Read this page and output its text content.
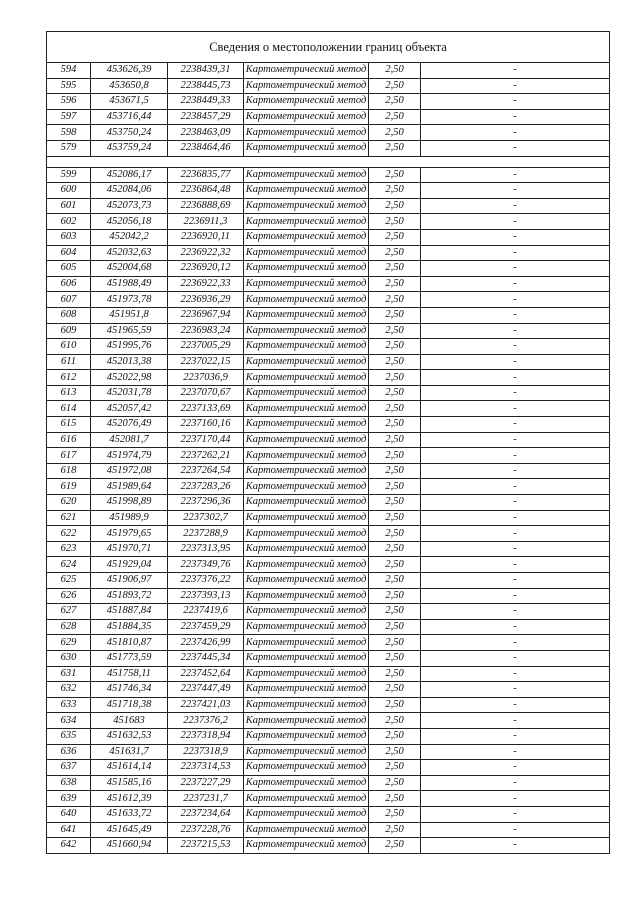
Сведения о местоположении границ объекта					
594	453626,39	2238439,31	Картометрический метод	2,50	-
595	453650,8	2238445,73	Картометрический метод	2,50	-
596	453671,5	2238449,33	Картометрический метод	2,50	-
597	453716,44	2238457,29	Картометрический метод	2,50	-
598	453750,24	2238463,09	Картометрический метод	2,50	-
579	453759,24	2238464,46	Картометрический метод	2,50	-

599	452086,17	2236835,77	Картометрический метод	2,50	-
600	452084,06	2236864,48	Картометрический метод	2,50	-
601	452073,73	2236888,69	Картометрический метод	2,50	-
602	452056,18	2236911,3	Картометрический метод	2,50	-
603	452042,2	2236920,11	Картометрический метод	2,50	-
604	452032,63	2236922,32	Картометрический метод	2,50	-
605	452004,68	2236920,12	Картометрический метод	2,50	-
606	451988,49	2236922,33	Картометрический метод	2,50	-
607	451973,78	2236936,29	Картометрический метод	2,50	-
608	451951,8	2236967,94	Картометрический метод	2,50	-
609	451965,59	2236983,24	Картометрический метод	2,50	-
610	451995,76	2237005,29	Картометрический метод	2,50	-
611	452013,38	2237022,15	Картометрический метод	2,50	-
612	452022,98	2237036,9	Картометрический метод	2,50	-
613	452031,78	2237070,67	Картометрический метод	2,50	-
614	452057,42	2237133,69	Картометрический метод	2,50	-
615	452076,49	2237160,16	Картометрический метод	2,50	-
616	452081,7	2237170,44	Картометрический метод	2,50	-
617	451974,79	2237262,21	Картометрический метод	2,50	-
618	451972,08	2237264,54	Картометрический метод	2,50	-
619	451989,64	2237283,26	Картометрический метод	2,50	-
620	451998,89	2237296,36	Картометрический метод	2,50	-
621	451989,9	2237302,7	Картометрический метод	2,50	-
622	451979,65	2237288,9	Картометрический метод	2,50	-
623	451970,71	2237313,95	Картометрический метод	2,50	-
624	451929,04	2237349,76	Картометрический метод	2,50	-
625	451906,97	2237376,22	Картометрический метод	2,50	-
626	451893,72	2237393,13	Картометрический метод	2,50	-
627	451887,84	2237419,6	Картометрический метод	2,50	-
628	451884,35	2237459,29	Картометрический метод	2,50	-
629	451810,87	2237426,99	Картометрический метод	2,50	-
630	451773,59	2237445,34	Картометрический метод	2,50	-
631	451758,11	2237452,64	Картометрический метод	2,50	-
632	451746,34	2237447,49	Картометрический метод	2,50	-
633	451718,38	2237421,03	Картометрический метод	2,50	-
634	451683	2237376,2	Картометрический метод	2,50	-
635	451632,53	2237318,94	Картометрический метод	2,50	-
636	451631,7	2237318,9	Картометрический метод	2,50	-
637	451614,14	2237314,53	Картометрический метод	2,50	-
638	451585,16	2237227,29	Картометрический метод	2,50	-
639	451612,39	2237231,7	Картометрический метод	2,50	-
640	451633,72	2237234,64	Картометрический метод	2,50	-
641	451645,49	2237228,76	Картометрический метод	2,50	-
642	451660,94	2237215,53	Картометрический метод	2,50	-
